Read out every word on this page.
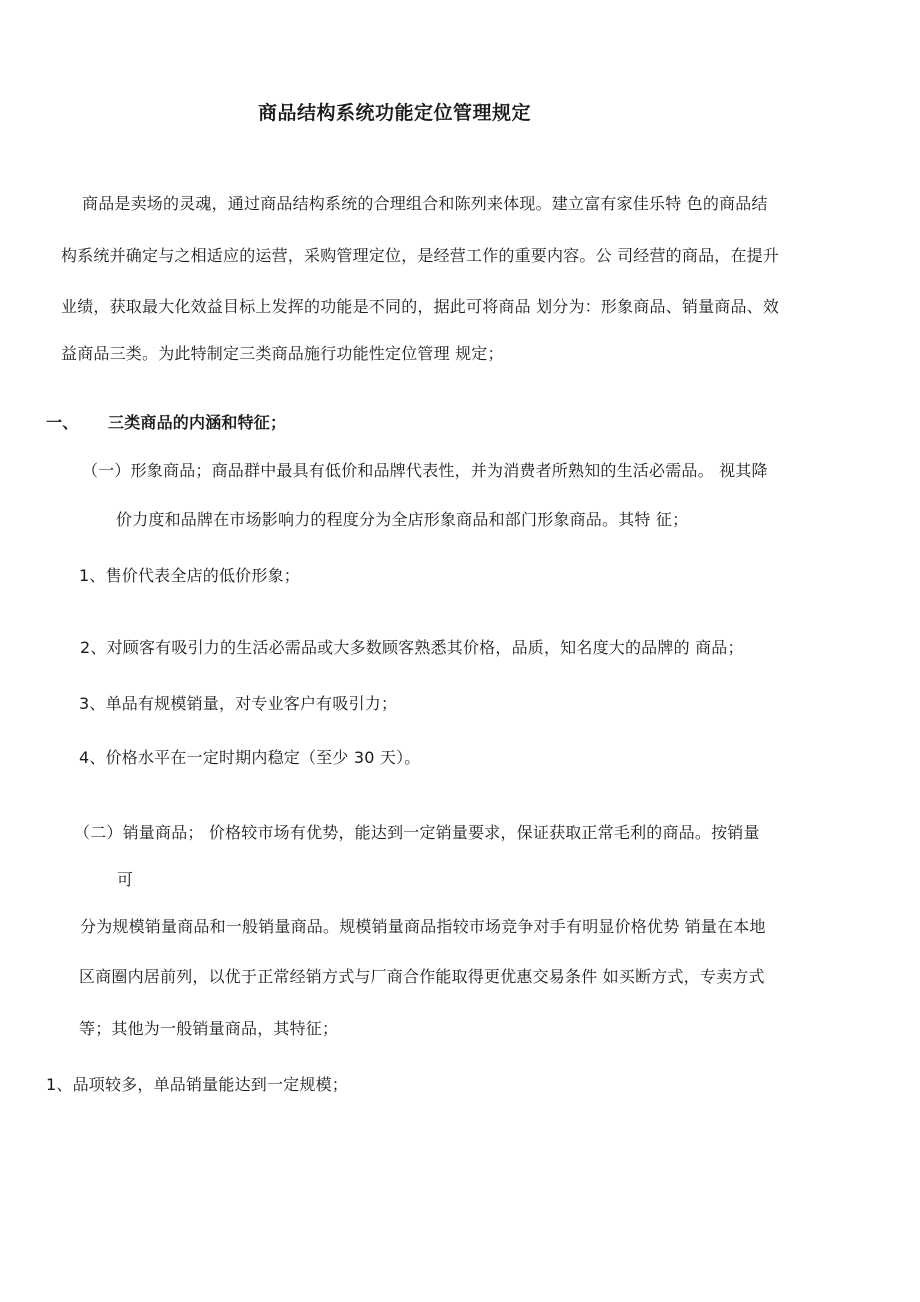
商品结构系统功能定位管理规定
商品是卖场的灵魂，通过商品结构系统的合理组合和陈列来体现。建立富有家佳乐特 色的商品结
构系统并确定与之相适应的运营，采购管理定位，是经营工作的重要内容。公 司经营的商品，在提升
业绩，获取最大化效益目标上发挥的功能是不同的，据此可将商品 划分为：形象商品、销量商品、效
益商品三类。为此特制定三类商品施行功能性定位管理 规定；
一、 三类商品的内涵和特征；
（一）形象商品；商品群中最具有低价和品牌代表性，并为消费者所熟知的生活必需品。 视其降
价力度和品牌在市场影响力的程度分为全店形象商品和部门形象商品。其特 征；
1、售价代表全店的低价形象；
2、对顾客有吸引力的生活必需品或大多数顾客熟悉其价格，品质，知名度大的品牌的 商品；
3、单品有规模销量，对专业客户有吸引力；
4、价格水平在一定时期内稳定（至少 30 天）。
（二）销量商品； 价格较市场有优势，能达到一定销量要求，保证获取正常毛利的商品。按销量
可
分为规模销量商品和一般销量商品。规模销量商品指较市场竞争对手有明显价格优势 销量在本地
区商圈内居前列，以优于正常经销方式与厂商合作能取得更优惠交易条件 如买断方式，专卖方式
等；其他为一般销量商品，其特征；
1、品项较多，单品销量能达到一定规模；
